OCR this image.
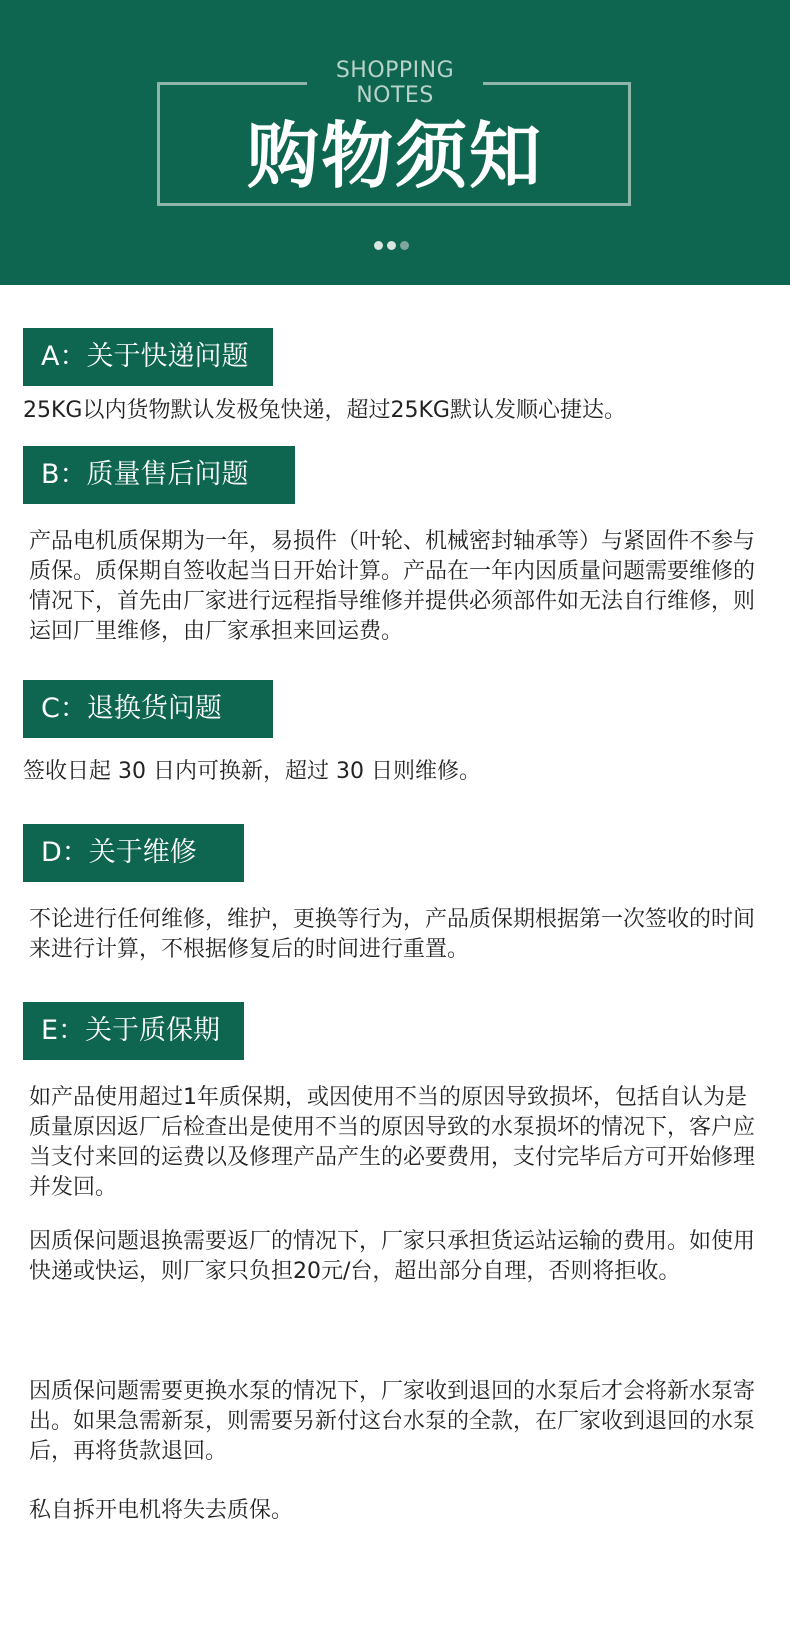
SHOPPING NOTES
购物须知
A：关于快递问题
25KG以内货物默认发极兔快递，超过25KG默认发顺心捷达。
B：质量售后问题
产品电机质保期为一年，易损件（叶轮、机械密封轴承等）与紧固件不参与质保。质保期自签收起当日开始计算。产品在一年内因质量问题需要维修的情况下，首先由厂家进行远程指导维修并提供必须部件如无法自行维修，则运回厂里维修，由厂家承担来回运费。
C：退换货问题
签收日起 30 日内可换新，超过 30 日则维修。
D：关于维修
不论进行任何维修，维护，更换等行为，产品质保期根据第一次签收的时间来进行计算，不根据修复后的时间进行重置。
E：关于质保期
如产品使用超过1年质保期，或因使用不当的原因导致损坏，包括自认为是质量原因返厂后检查出是使用不当的原因导致的水泵损坏的情况下，客户应当支付来回的运费以及修理产品产生的必要费用，支付完毕后方可开始修理并发回。
因质保问题退换需要返厂的情况下，厂家只承担货运站运输的费用。如使用快递或快运，则厂家只负担20元/台，超出部分自理，否则将拒收。
因质保问题需要更换水泵的情况下，厂家收到退回的水泵后才会将新水泵寄出。如果急需新泵，则需要另新付这台水泵的全款，在厂家收到退回的水泵后，再将货款退回。
私自拆开电机将失去质保。
